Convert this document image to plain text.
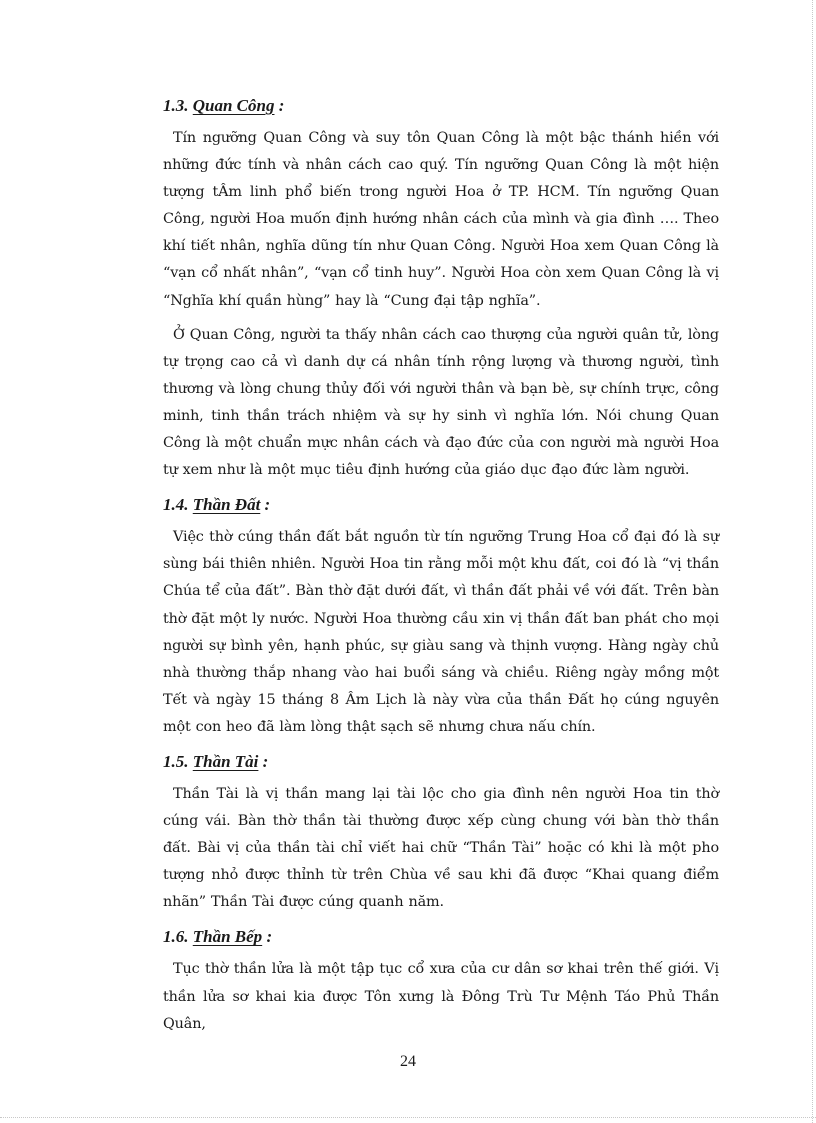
1.3. Quan Công :

Tín ngưỡng Quan Công và suy tôn Quan Công là một bậc thánh hiền với những đức tính và nhân cách cao quý. Tín ngưỡng Quan Công là một hiện tượng tÂm linh phổ biến trong người Hoa ở TP. HCM. Tín ngưỡng Quan Công, người Hoa muốn định hướng nhân cách của mình và gia đình …. Theo khí tiết nhân, nghĩa dũng tín như Quan Công. Người Hoa xem Quan Công là “vạn cổ nhất nhân”, “vạn cổ tinh huy”. Người Hoa còn xem Quan Công là vị “Nghĩa khí quần hùng” hay là “Cung đại tập nghĩa”.

Ở Quan Công, người ta thấy nhân cách cao thượng của người quân tử, lòng tự trọng cao cả vì danh dự cá nhân tính rộng lượng và thương người, tình thương và lòng chung thủy đối với người thân và bạn bè, sự chính trực, công minh, tinh thần trách nhiệm và sự hy sinh vì nghĩa lớn. Nói chung Quan Công là một chuẩn mực nhân cách và đạo đức của con người mà người Hoa tự xem như là một mục tiêu định hướng của giáo dục đạo đức làm người.

1.4. Thần Đất :

Việc thờ cúng thần đất bắt nguồn từ tín ngưỡng Trung Hoa cổ đại đó là sự sùng bái thiên nhiên. Người Hoa tin rằng mỗi một khu đất, coi đó là “vị thần Chúa tể của đất”. Bàn thờ đặt dưới đất, vì thần đất phải về với đất. Trên bàn thờ đặt một ly nước. Người Hoa thường cầu xin vị thần đất ban phát cho mọi người sự bình yên, hạnh phúc, sự giàu sang và thịnh vượng. Hàng ngày chủ nhà thường thắp nhang vào hai buổi sáng và chiều. Riêng ngày mồng một Tết và ngày 15 tháng 8 Âm Lịch là này vừa của thần Đất họ cúng nguyên một con heo đã làm lòng thật sạch sẽ nhưng chưa nấu chín.

1.5. Thần Tài :

Thần Tài là vị thần mang lại tài lộc cho gia đình nên người Hoa tin thờ cúng vái. Bàn thờ thần tài thường được xếp cùng chung với bàn thờ thần đất. Bài vị của thần tài chỉ viết hai chữ “Thần Tài” hoặc có khi là một pho tượng nhỏ được thỉnh từ trên Chùa về sau khi đã được “Khai quang điểm nhãn” Thần Tài được cúng quanh năm.

1.6. Thần Bếp :

Tục thờ thần lửa là một tập tục cổ xưa của cư dân sơ khai trên thế giới. Vị thần lửa sơ khai kia được Tôn xưng là Đông Trù Tư Mệnh Táo Phủ Thần Quân,

24
